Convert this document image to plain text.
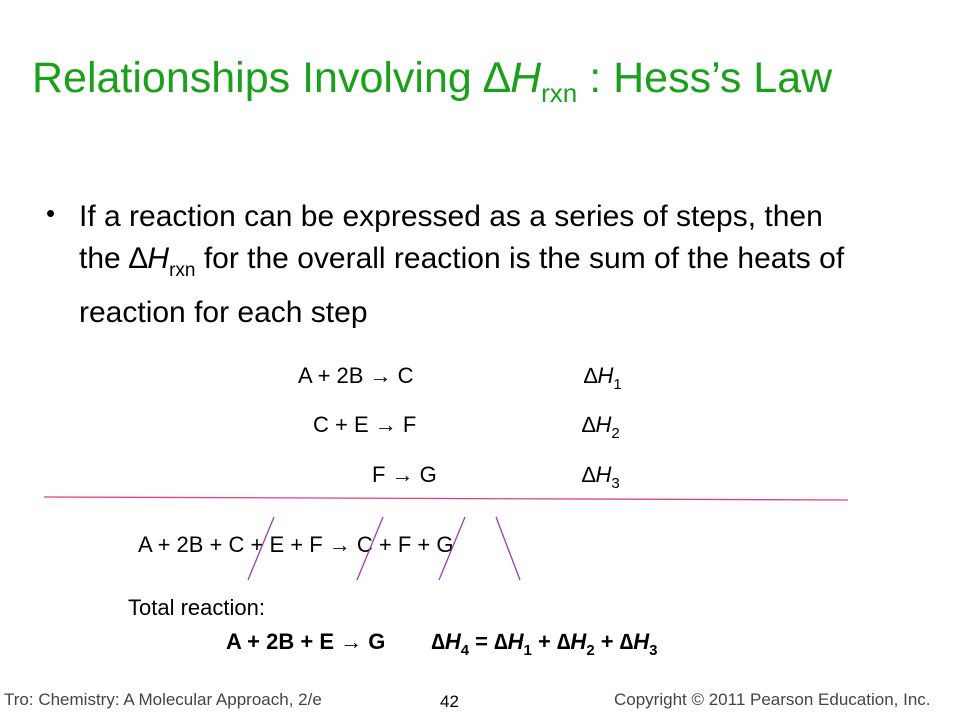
Relationships Involving $\Delta H_{rxn}$ : Hess’s Law
• If a reaction can be expressed as a series of steps, then the $\Delta H_{rxn}$ for the overall reaction is the sum of the heats of reaction for each step
A + 2B → C	$\Delta H_1$
C + E → F	$\Delta H_2$
F → G	$\Delta H_3$
A + 2B + C + E + F → C + F + G
Total reaction:
A + 2B + E → G $\Delta H_4 = \Delta H_1 + \Delta H_2 + \Delta H_3$
Tro: Chemistry: A Molecular Approach, 2/e	42	Copyright © 2011 Pearson Education, Inc.
